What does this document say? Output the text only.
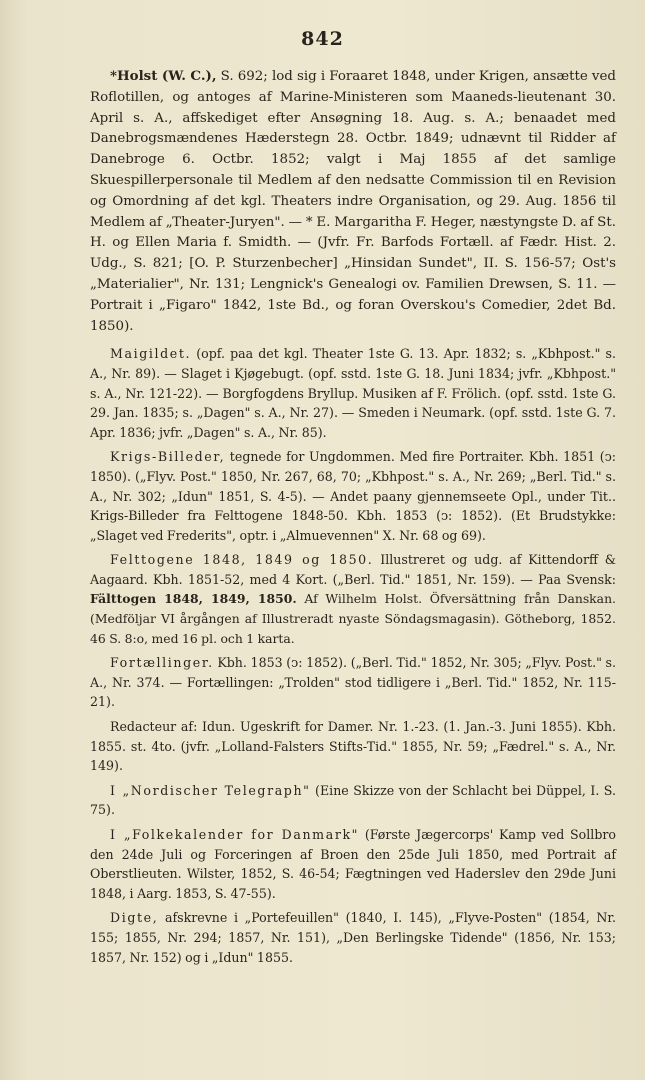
842

*Holst (W. C.), S. 692; lod sig i Foraaret 1848, under Krigen, ansætte ved Roflotillen, og antoges af Marine-Ministeren som Maaneds-lieutenant 30. April s. A., affskediget efter Ansøgning 18. Aug. s. A.; benaadet med Danebrogsmændenes Hæderstegn 28. Octbr. 1849; udnævnt til Ridder af Danebroge 6. Octbr. 1852; valgt i Maj 1855 af det samlige Skuespillerpersonale til Medlem af den nedsatte Commission til en Revision og Omordning af det kgl. Theaters indre Organisation, og 29. Aug. 1856 til Medlem af „Theater-Juryen". — * E. Margaritha F. Heger, næstyngste D. af St. H. og Ellen Maria f. Smidth. — (Jvfr. Fr. Barfods Fortæll. af Fædr. Hist. 2. Udg., S. 821; [O. P. Sturzenbecher] „Hinsidan Sundet", II. S. 156-57; Ost's „Materialier", Nr. 131; Lengnick's Genealogi ov. Familien Drewsen, S. 11. — Portrait i „Figaro" 1842, 1ste Bd., og foran Overskou's Comedier, 2det Bd. 1850).

Maigildet. (opf. paa det kgl. Theater 1ste G. 13. Apr. 1832; s. „Kbhpost." s. A., Nr. 89). — Slaget i Kjøgebugt. (opf. sstd. 1ste G. 18. Juni 1834; jvfr. „Kbhpost." s. A., Nr. 121-22). — Borgfogdens Bryllup. Musiken af F. Frölich. (opf. sstd. 1ste G. 29. Jan. 1835; s. „Dagen" s. A., Nr. 27). — Smeden i Neumark. (opf. sstd. 1ste G. 7. Apr. 1836; jvfr. „Dagen" s. A., Nr. 85).

Krigs-Billeder, tegnede for Ungdommen. Med fire Portraiter. Kbh. 1851 (ↄ: 1850). („Flyv. Post." 1850, Nr. 267, 68, 70; „Kbhpost." s. A., Nr. 269; „Berl. Tid." s. A., Nr. 302; „Idun" 1851, S. 4-5). — Andet paany gjennemseete Opl., under Tit.. Krigs-Billeder fra Felttogene 1848-50. Kbh. 1853 (ↄ: 1852). (Et Brudstykke: „Slaget ved Frederits", optr. i „Almuevennen" X. Nr. 68 og 69).

Felttogene 1848, 1849 og 1850. Illustreret og udg. af Kittendorff & Aagaard. Kbh. 1851-52, med 4 Kort. („Berl. Tid." 1851, Nr. 159). — Paa Svensk: Fälttogen 1848, 1849, 1850. Af Wilhelm Holst. Öfversättning från Danskan. (Medföljar VI årgången af Illustreradt nyaste Söndagsmagasin). Götheborg, 1852. 46 S. 8:o, med 16 pl. och 1 karta.

Fortællinger. Kbh. 1853 (ↄ: 1852). („Berl. Tid." 1852, Nr. 305; „Flyv. Post." s. A., Nr. 374. — Fortællingen: „Trolden" stod tidligere i „Berl. Tid." 1852, Nr. 115-21).

Redacteur af: Idun. Ugeskrift for Damer. Nr. 1.-23. (1. Jan.-3. Juni 1855). Kbh. 1855. st. 4to. (jvfr. „Lolland-Falsters Stifts-Tid." 1855, Nr. 59; „Fædrel." s. A., Nr. 149).

I „Nordischer Telegraph" (Eine Skizze von der Schlacht bei Düppel, I. S. 75).

I „Folkekalender for Danmark" (Første Jægercorps' Kamp ved Sollbro den 24de Juli og Forceringen af Broen den 25de Juli 1850, med Portrait af Oberstlieuten. Wilster, 1852, S. 46-54; Fægtningen ved Haderslev den 29de Juni 1848, i Aarg. 1853, S. 47-55).

Digte, afskrevne i „Portefeuillen" (1840, I. 145), „Flyve-Posten" (1854, Nr. 155; 1855, Nr. 294; 1857, Nr. 151), „Den Berlingske Tidende" (1856, Nr. 153; 1857, Nr. 152) og i „Idun" 1855.
